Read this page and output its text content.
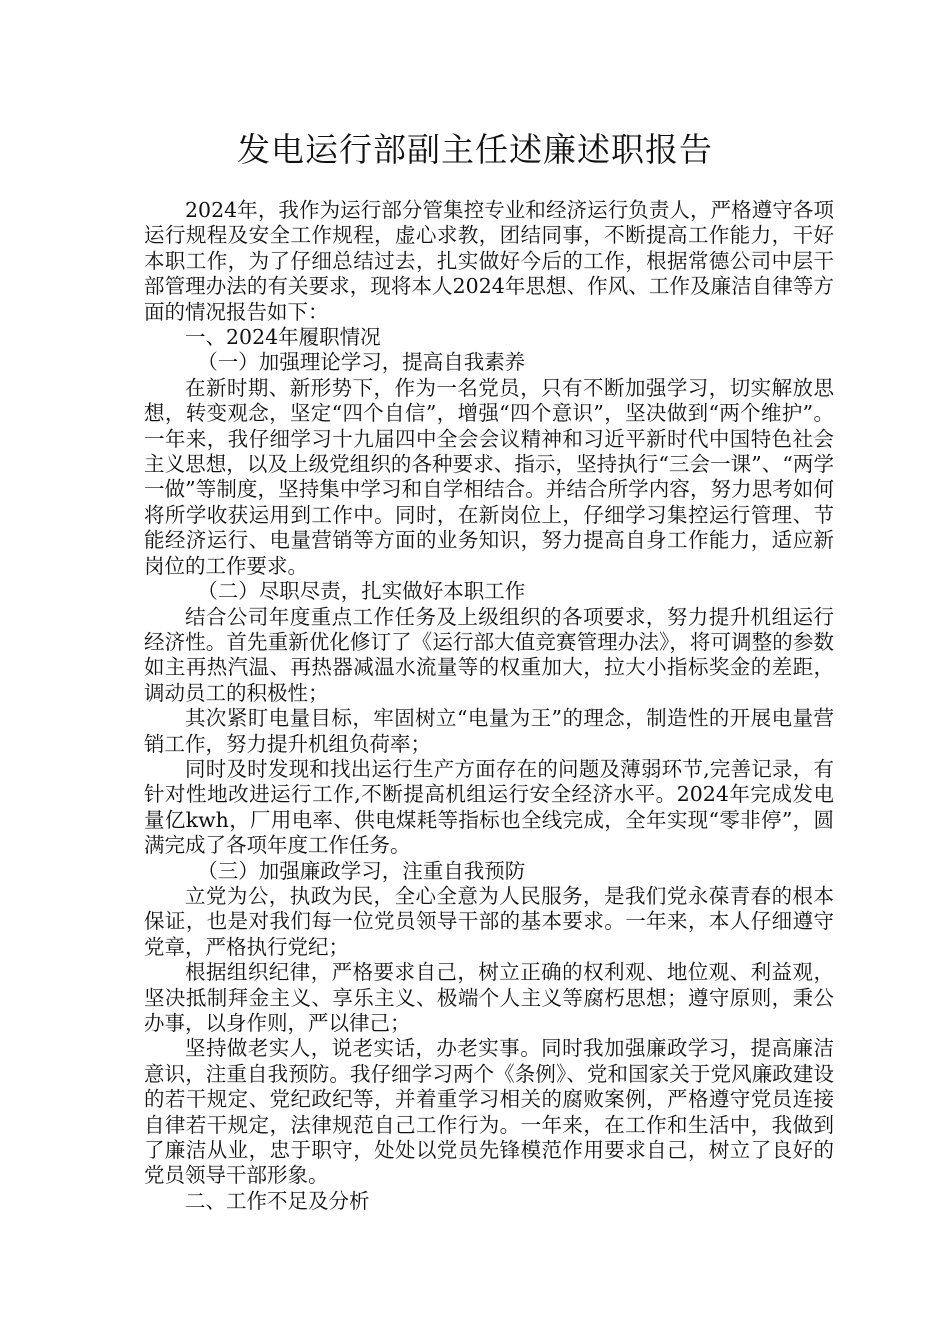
发电运行部副主任述廉述职报告

2024年，我作为运行部分管集控专业和经济运行负责人，严格遵守各项运行规程及安全工作规程，虚心求教，团结同事，不断提高工作能力，干好本职工作，为了仔细总结过去，扎实做好今后的工作，根据常德公司中层干部管理办法的有关要求，现将本人2024年思想、作风、工作及廉洁自律等方面的情况报告如下：

一、2024年履职情况

（一）加强理论学习，提高自我素养

在新时期、新形势下，作为一名党员，只有不断加强学习，切实解放思想，转变观念，坚定“四个自信”，增强“四个意识”，坚决做到“两个维护”。一年来，我仔细学习十九届四中全会会议精神和习近平新时代中国特色社会主义思想，以及上级党组织的各种要求、指示，坚持执行“三会一课”、“两学一做”等制度，坚持集中学习和自学相结合。并结合所学内容，努力思考如何将所学收获运用到工作中。同时，在新岗位上，仔细学习集控运行管理、节能经济运行、电量营销等方面的业务知识，努力提高自身工作能力，适应新岗位的工作要求。

（二）尽职尽责，扎实做好本职工作

结合公司年度重点工作任务及上级组织的各项要求，努力提升机组运行经济性。首先重新优化修订了《运行部大值竞赛管理办法》，将可调整的参数如主再热汽温、再热器减温水流量等的权重加大，拉大小指标奖金的差距，调动员工的积极性；

其次紧盯电量目标，牢固树立“电量为王”的理念，制造性的开展电量营销工作，努力提升机组负荷率；

同时及时发现和找出运行生产方面存在的问题及薄弱环节,完善记录，有针对性地改进运行工作,不断提高机组运行安全经济水平。2024年完成发电量亿kwh，厂用电率、供电煤耗等指标也全线完成，全年实现“零非停”，圆满完成了各项年度工作任务。

（三）加强廉政学习，注重自我预防

立党为公，执政为民，全心全意为人民服务，是我们党永葆青春的根本保证，也是对我们每一位党员领导干部的基本要求。一年来，本人仔细遵守党章，严格执行党纪；

根据组织纪律，严格要求自己，树立正确的权利观、地位观、利益观，坚决抵制拜金主义、享乐主义、极端个人主义等腐朽思想；遵守原则，秉公办事，以身作则，严以律己；

坚持做老实人，说老实话，办老实事。同时我加强廉政学习，提高廉洁意识，注重自我预防。我仔细学习两个《条例》、党和国家关于党风廉政建设的若干规定、党纪政纪等，并着重学习相关的腐败案例，严格遵守党员连接自律若干规定，法律规范自己工作行为。一年来，在工作和生活中，我做到了廉洁从业，忠于职守，处处以党员先锋模范作用要求自己，树立了良好的党员领导干部形象。

二、工作不足及分析
